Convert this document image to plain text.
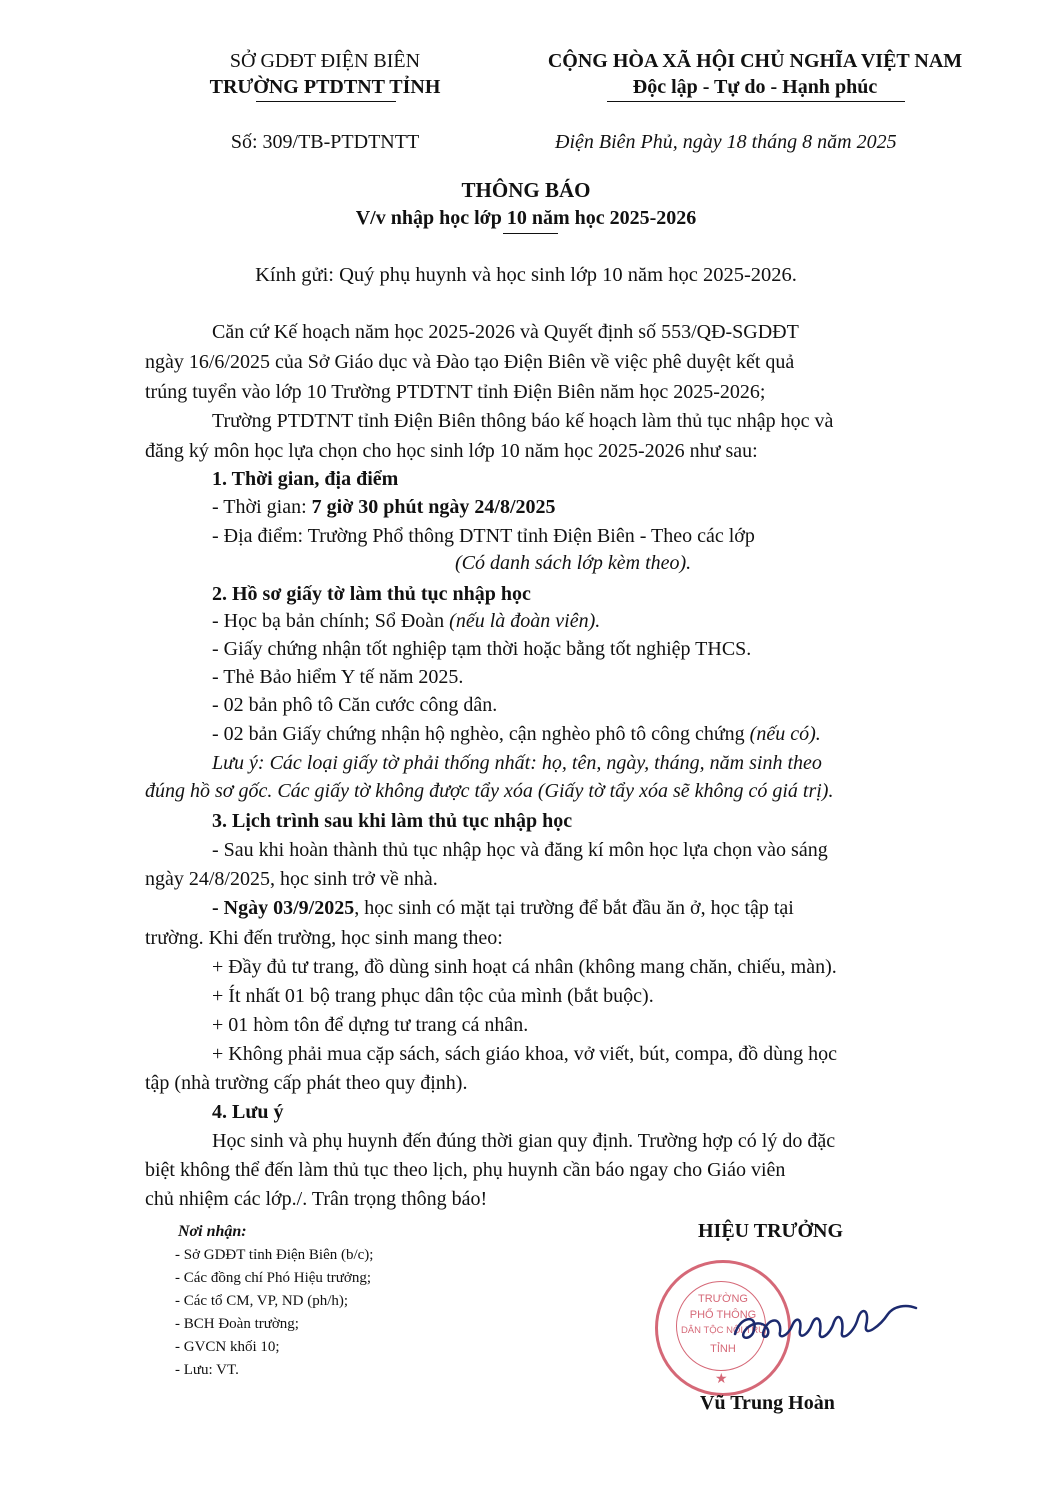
SỞ GDĐT ĐIỆN BIÊN
TRƯỜNG PTDTNT TỈNH
CỘNG HÒA XÃ HỘI CHỦ NGHĨA VIỆT NAM
Độc lập - Tự do - Hạnh phúc
Số: 309/TB-PTDTNTT	Điện Biên Phủ, ngày 18 tháng 8 năm 2025
THÔNG BÁO
V/v nhập học lớp 10 năm học 2025-2026
Kính gửi: Quý phụ huynh và học sinh lớp 10 năm học 2025-2026.
Căn cứ Kế hoạch năm học 2025-2026 và Quyết định số 553/QĐ-SGDĐT
ngày 16/6/2025 của Sở Giáo dục và Đào tạo Điện Biên về việc phê duyệt kết quả
trúng tuyển vào lớp 10 Trường PTDTNT tỉnh Điện Biên năm học 2025-2026;
Trường PTDTNT tỉnh Điện Biên thông báo kế hoạch làm thủ tục nhập học và
đăng ký môn học lựa chọn cho học sinh lớp 10 năm học 2025-2026 như sau:
1. Thời gian, địa điểm
- Thời gian: 7 giờ 30 phút ngày 24/8/2025
- Địa điểm: Trường Phổ thông DTNT tỉnh Điện Biên - Theo các lớp
(Có danh sách lớp kèm theo).
2. Hồ sơ giấy tờ làm thủ tục nhập học
- Học bạ bản chính; Sổ Đoàn (nếu là đoàn viên).
- Giấy chứng nhận tốt nghiệp tạm thời hoặc bằng tốt nghiệp THCS.
- Thẻ Bảo hiểm Y tế năm 2025.
- 02 bản phô tô Căn cước công dân.
- 02 bản Giấy chứng nhận hộ nghèo, cận nghèo phô tô công chứng (nếu có).
Lưu ý: Các loại giấy tờ phải thống nhất: họ, tên, ngày, tháng, năm sinh theo
đúng hồ sơ gốc. Các giấy tờ không được tẩy xóa (Giấy tờ tẩy xóa sẽ không có giá trị).
3. Lịch trình sau khi làm thủ tục nhập học
- Sau khi hoàn thành thủ tục nhập học và đăng kí môn học lựa chọn vào sáng
ngày 24/8/2025, học sinh trở về nhà.
- Ngày 03/9/2025, học sinh có mặt tại trường để bắt đầu ăn ở, học tập tại
trường. Khi đến trường, học sinh mang theo:
+ Đầy đủ tư trang, đồ dùng sinh hoạt cá nhân (không mang chăn, chiếu, màn).
+ Ít nhất 01 bộ trang phục dân tộc của mình (bắt buộc).
+ 01 hòm tôn để dựng tư trang cá nhân.
+ Không phải mua cặp sách, sách giáo khoa, vở viết, bút, compa, đồ dùng học
tập (nhà trường cấp phát theo quy định).
4. Lưu ý
Học sinh và phụ huynh đến đúng thời gian quy định. Trường hợp có lý do đặc
biệt không thể đến làm thủ tục theo lịch, phụ huynh cần báo ngay cho Giáo viên
chủ nhiệm các lớp./. Trân trọng thông báo!
Nơi nhận:
- Sở GDĐT tỉnh Điện Biên (b/c);
- Các đồng chí Phó Hiệu trưởng;
- Các tổ CM, VP, ND (ph/h);
- BCH Đoàn trường;
- GVCN khối 10;
- Lưu: VT.
HIỆU TRƯỞNG
TRƯỜNG
PHỔ THÔNG
DÂN TỘC NỘI TRÚ
TỈNH
★
Vũ Trung Hoàn
